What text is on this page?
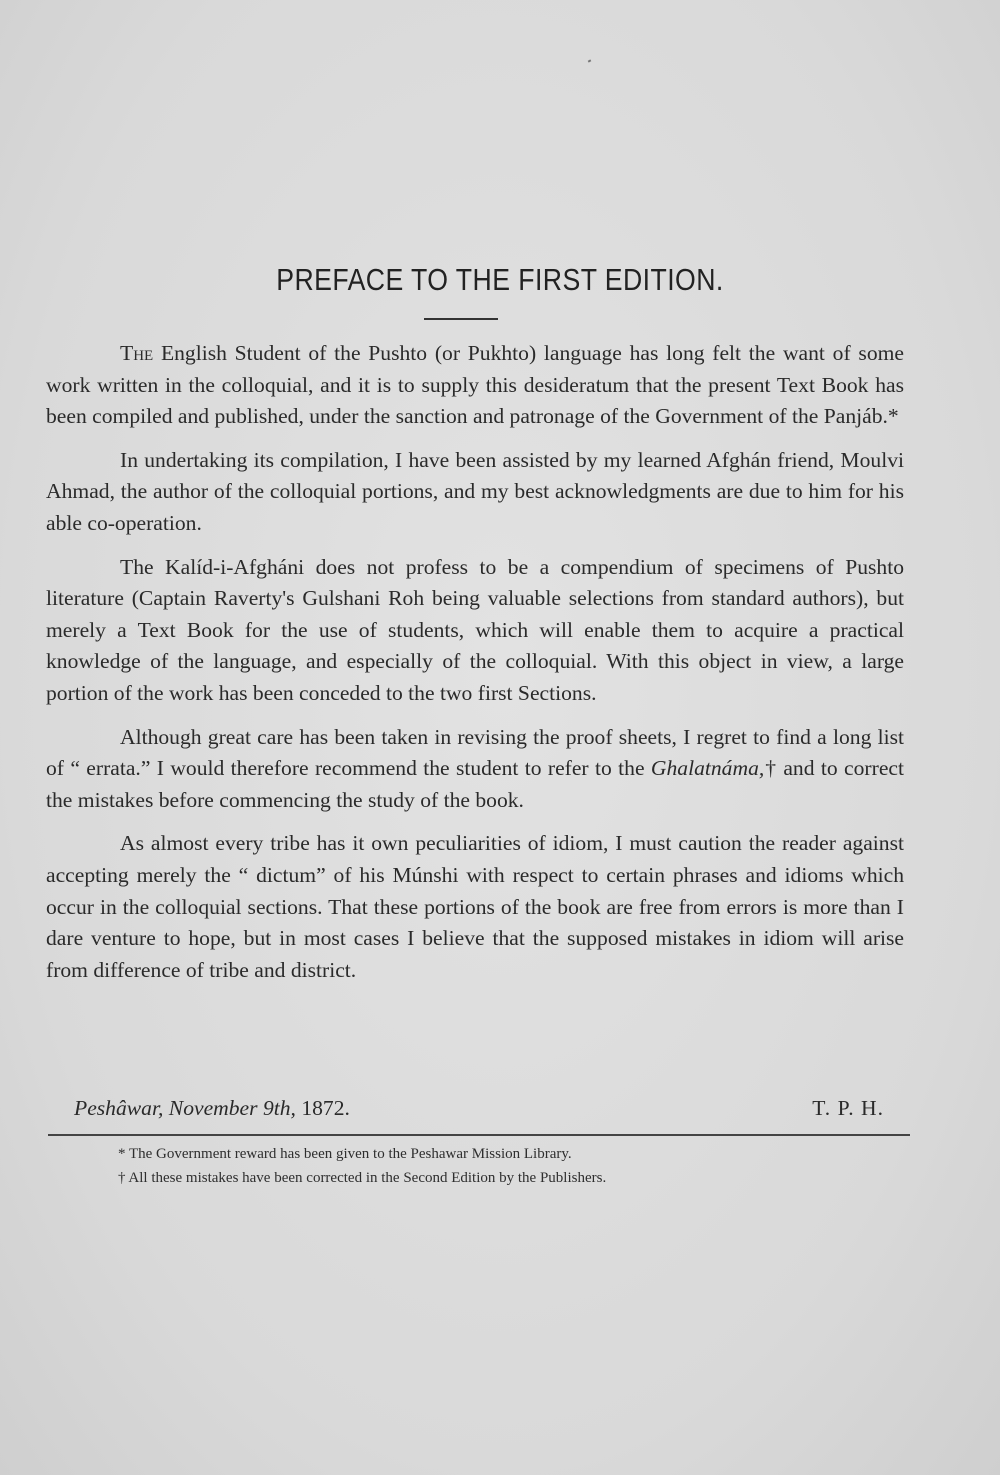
PREFACE TO THE FIRST EDITION.

The English Student of the Pushto (or Pukhto) language has long felt the want of some work written in the colloquial, and it is to supply this desideratum that the present Text Book has been compiled and published, under the sanction and patronage of the Government of the Panjáb.*

In undertaking its compilation, I have been assisted by my learned Afghán friend, Moulvi Ahmad, the author of the colloquial portions, and my best acknowledgments are due to him for his able co-operation.

The Kalíd-i-Afgháni does not profess to be a compendium of specimens of Pushto literature (Captain Raverty's Gulshani Roh being valuable selections from standard authors), but merely a Text Book for the use of students, which will enable them to acquire a practical knowledge of the language, and especially of the colloquial. With this object in view, a large portion of the work has been conceded to the two first Sections.

Although great care has been taken in revising the proof sheets, I regret to find a long list of “ errata.” I would therefore recommend the student to refer to the Ghalatnáma,† and to correct the mistakes before commencing the study of the book.

As almost every tribe has it own peculiarities of idiom, I must caution the reader against accepting merely the “ dictum” of his Múnshi with respect to certain phrases and idioms which occur in the colloquial sections. That these portions of the book are free from errors is more than I dare venture to hope, but in most cases I believe that the supposed mistakes in idiom will arise from difference of tribe and district.

Peshâwar, November 9th, 1872.	T. P. H.
* The Government reward has been given to the Peshawar Mission Library.
† All these mistakes have been corrected in the Second Edition by the Publishers.
